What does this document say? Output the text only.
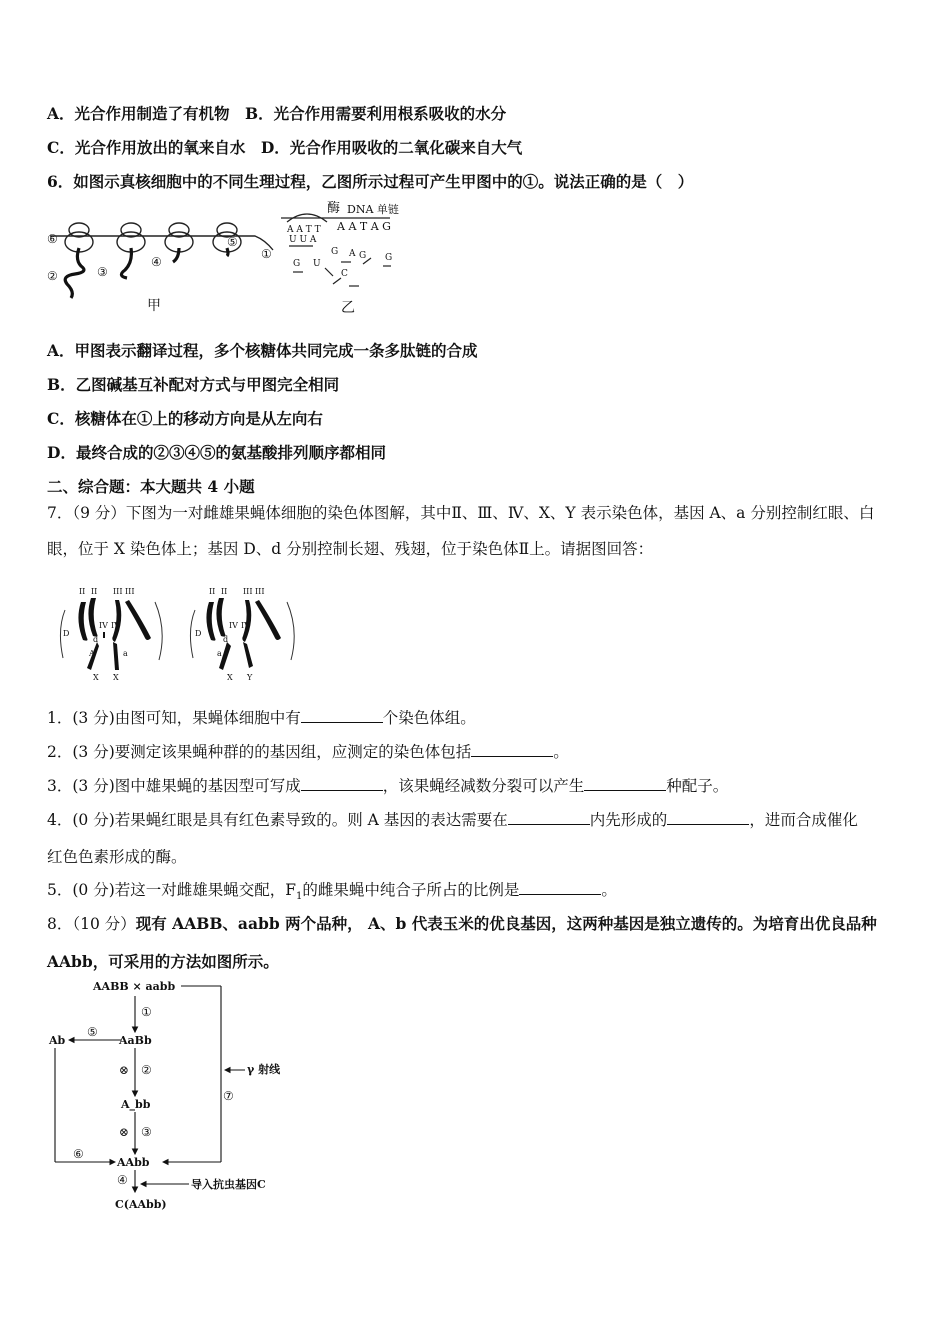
A．光合作用制造了有机物　B．光合作用需要利用根系吸收的水分
C．光合作用放出的氧来自水　D．光合作用吸收的二氧化碳来自大气
6．如图示真核细胞中的不同生理过程，乙图所示过程可产生甲图中的①。说法正确的是（　）
⑥
②	③
④
⑤
①
甲
酶 DNA 单链
A A T A G
A A T T
U U A
G A
G U
C
G G
乙
A．甲图表示翻译过程，多个核糖体共同完成一条多肽链的合成
B．乙图碱基互补配对方式与甲图完全相同
C．核糖体在①上的移动方向是从左向右
D．最终合成的②③④⑤的氨基酸排列顺序都相同
二、综合题：本大题共 4 小题
7．（9 分）下图为一对雌雄果蝇体细胞的染色体图解，其中Ⅱ、Ⅲ、Ⅳ、X、Y 表示染色体，基因 A、a 分别控制红眼、白
眼，位于 X 染色体上；基因 D、d 分别控制长翅、残翅，位于染色体Ⅱ上。请据图回答：
II II III III
IV IV
D
d
A	a
X X
II II III III
IV IV
D
d
a
X Y
1．(3 分)由图可知，果蝇体细胞中有	个染色体组。
2．(3 分)要测定该果蝇种群的的基因组，应测定的染色体包括	。
3．(3 分)图中雄果蝇的基因型可写成	，该果蝇经减数分裂可以产生	种配子。
4．(0 分)若果蝇红眼是具有红色素导致的。则 A 基因的表达需要在	内先形成的	，进而合成催化
红色色素形成的酶。
5．(0 分)若这一对雌雄果蝇交配，$F_1$的雌果蝇中纯合子所占的比例是	。
8．（10 分）现有 AABB、aabb 两个品种， A、b 代表玉米的优良基因，这两种基因是独立遗传的。为培育出优良品种
AAbb，可采用的方法如图所示。
AABB × aabb
AaBb
Ab
A_bb
AAbb
C(AAbb)
γ 射线
导入抗虫基因C
①
⊗ ②
⊗ ③
④
⑤
⑥
⑦
